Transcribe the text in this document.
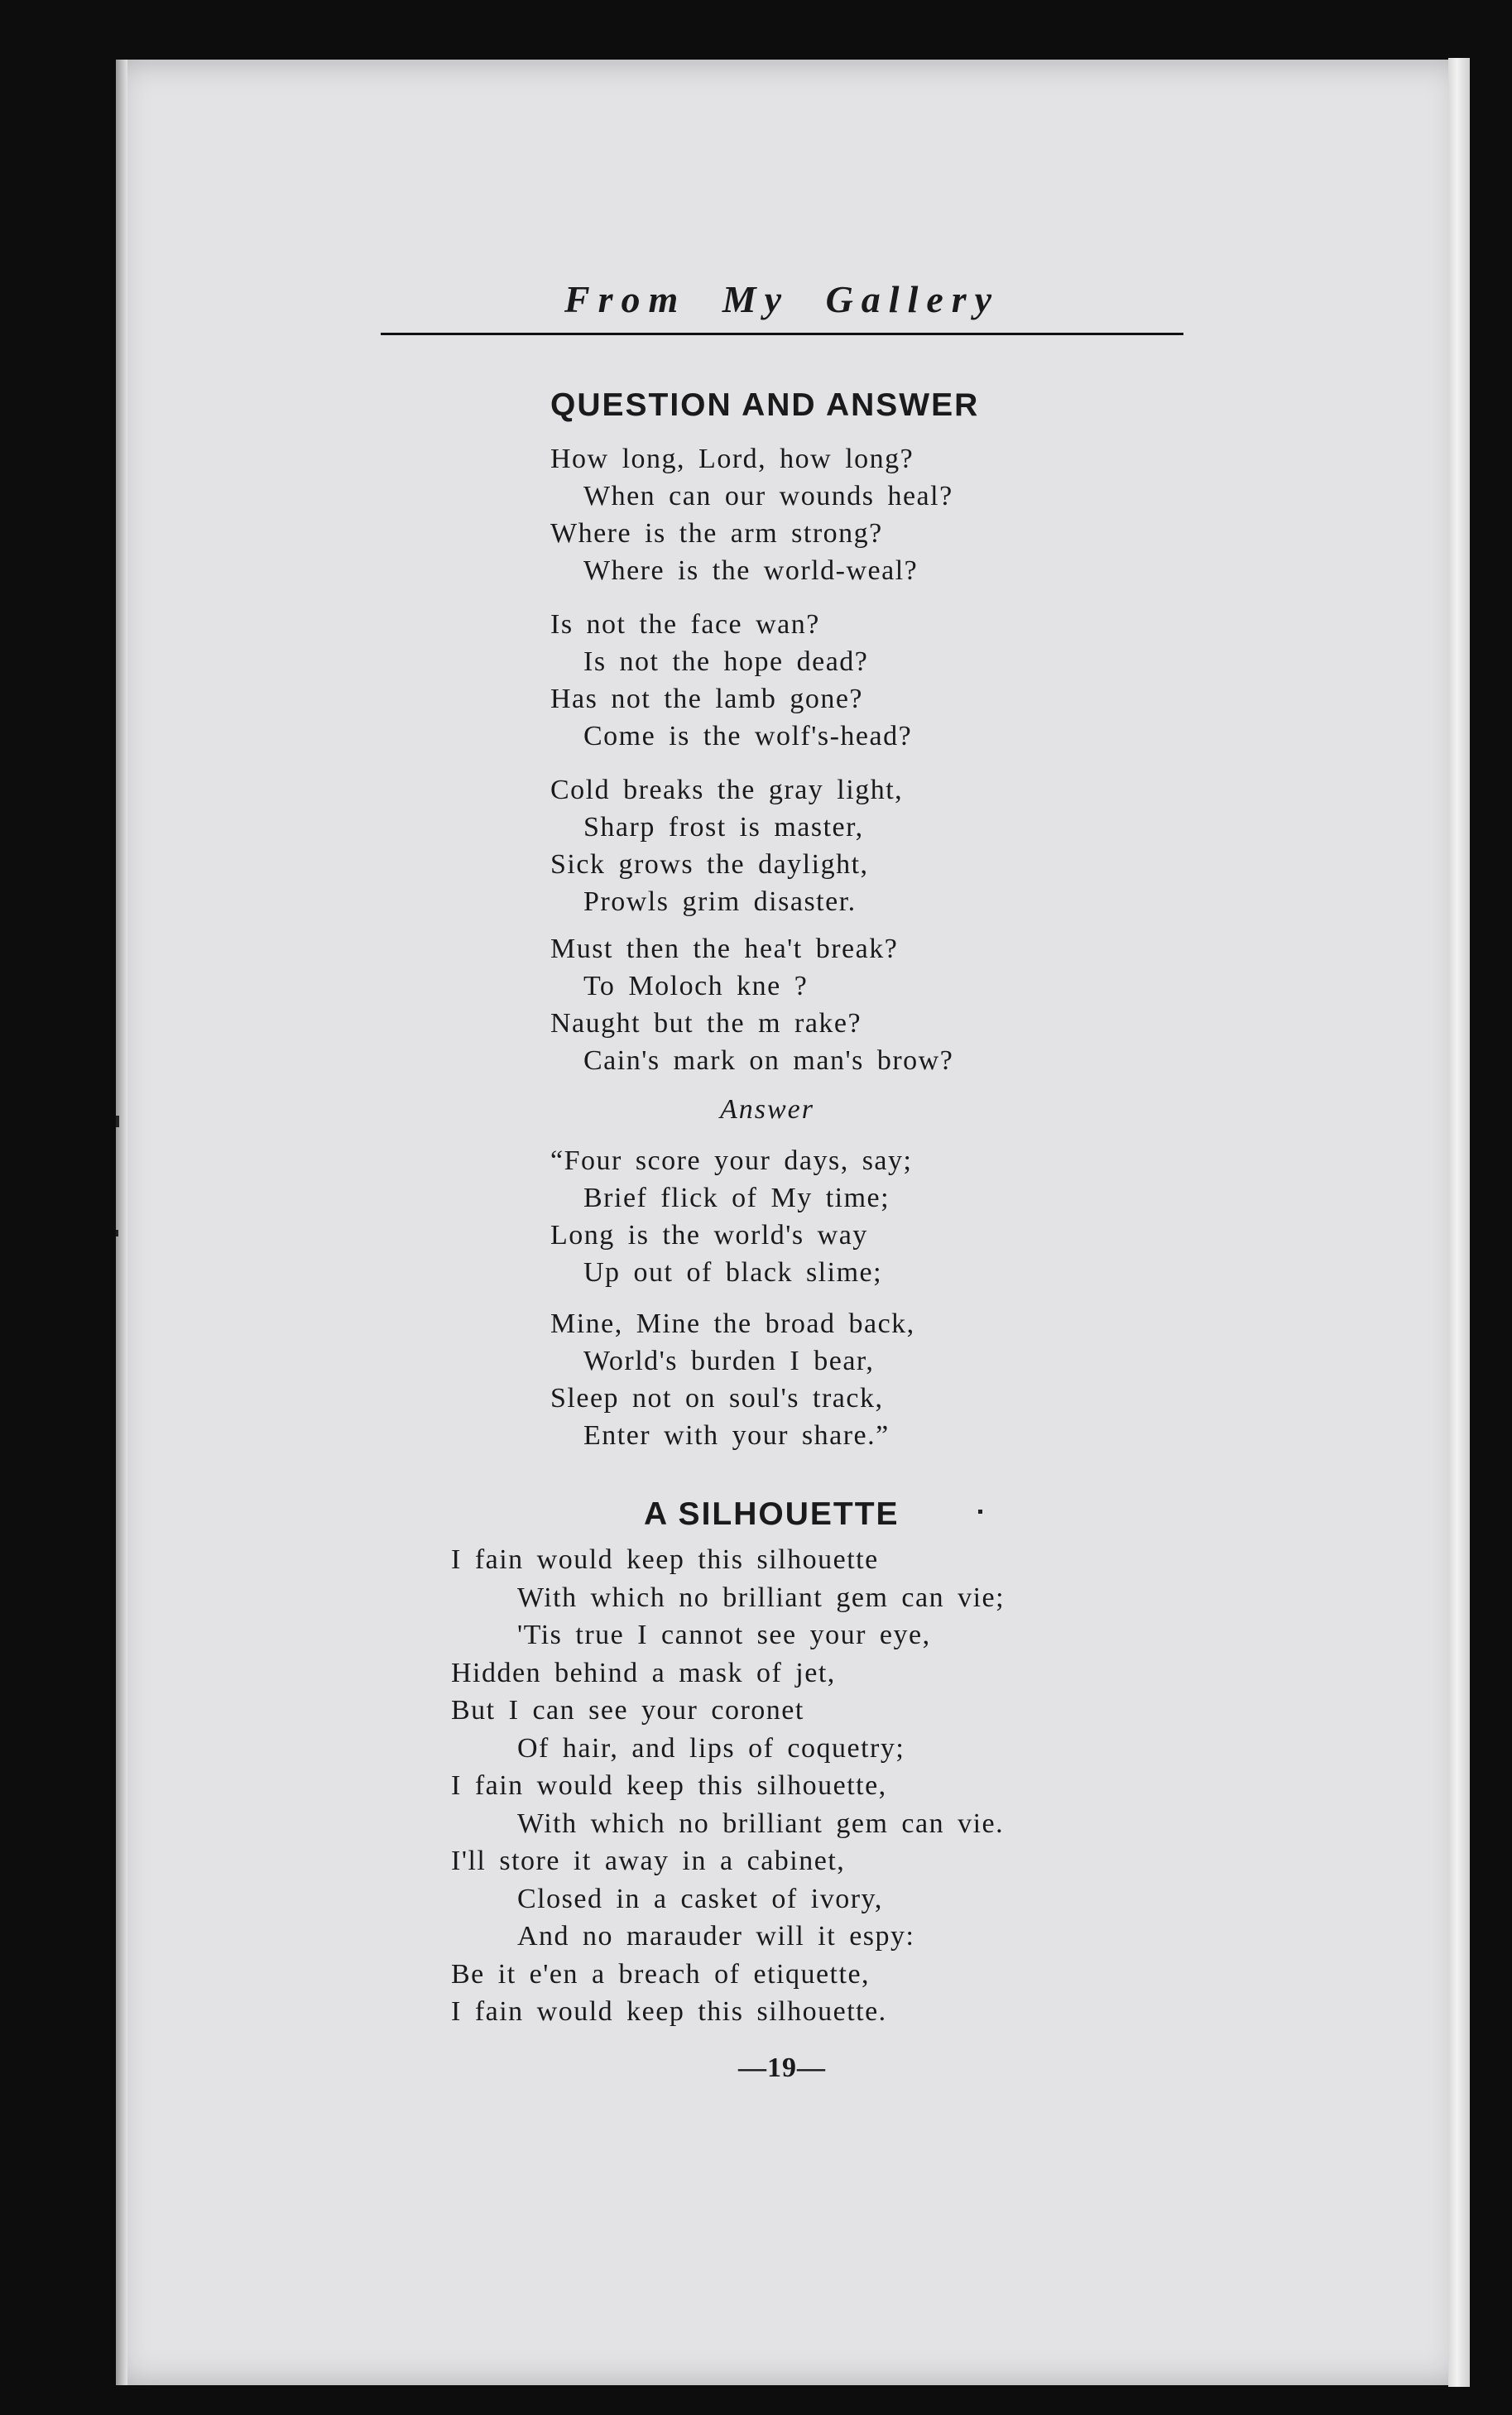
From My Gallery
QUESTION AND ANSWER
How long, Lord, how long?
When can our wounds heal?
Where is the arm strong?
Where is the world-weal?
Is not the face wan?
Is not the hope dead?
Has not the lamb gone?
Come is the wolf's-head?
Cold breaks the gray light,
Sharp frost is master,
Sick grows the daylight,
Prowls grim disaster.
Must then the hea't break?
To Moloch kne ?
Naught but the m rake?
Cain's mark on man's brow?
Answer
“Four score your days, say;
Brief flick of My time;
Long is the world's way
Up out of black slime;
Mine, Mine the broad back,
World's burden I bear,
Sleep not on soul's track,
Enter with your share.”
A SILHOUETTE
I fain would keep this silhouette
With which no brilliant gem can vie;
'Tis true I cannot see your eye,
Hidden behind a mask of jet,
But I can see your coronet
Of hair, and lips of coquetry;
I fain would keep this silhouette,
With which no brilliant gem can vie.
I'll store it away in a cabinet,
Closed in a casket of ivory,
And no marauder will it espy:
Be it e'en a breach of etiquette,
I fain would keep this silhouette.
—19—
